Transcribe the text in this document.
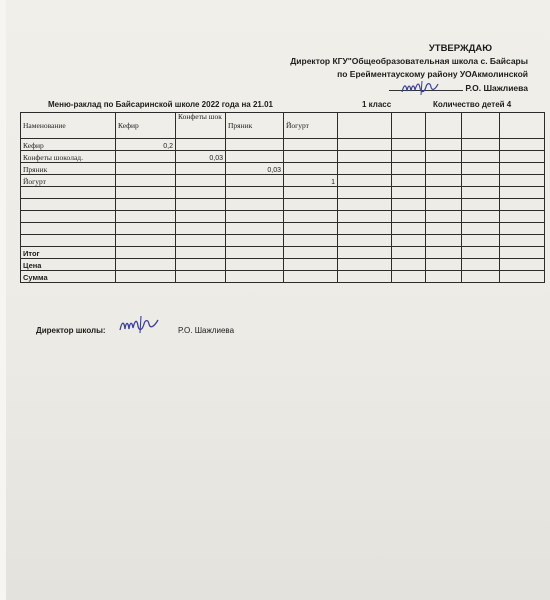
УТВЕРЖДАЮ
Директор КГУ"Общеобразовательная школа с. Байсары
по Ерейментаускому району УОАкмолинской
Р.О. Шажлиева
Меню-раклад по Байсаринской школе 2022 года на 21.01	1 класс	Количество детей 4
Наменование	Кефир	Конфеты шок	Пряник	Йогурт					
Кефир	0,2								
Конфеты шоколад.		0,03							
Пряник			0,03						
Йогурт				1					

Итог									
Цена									
Сумма									
Директор школы:	Р.О. Шажлиева
